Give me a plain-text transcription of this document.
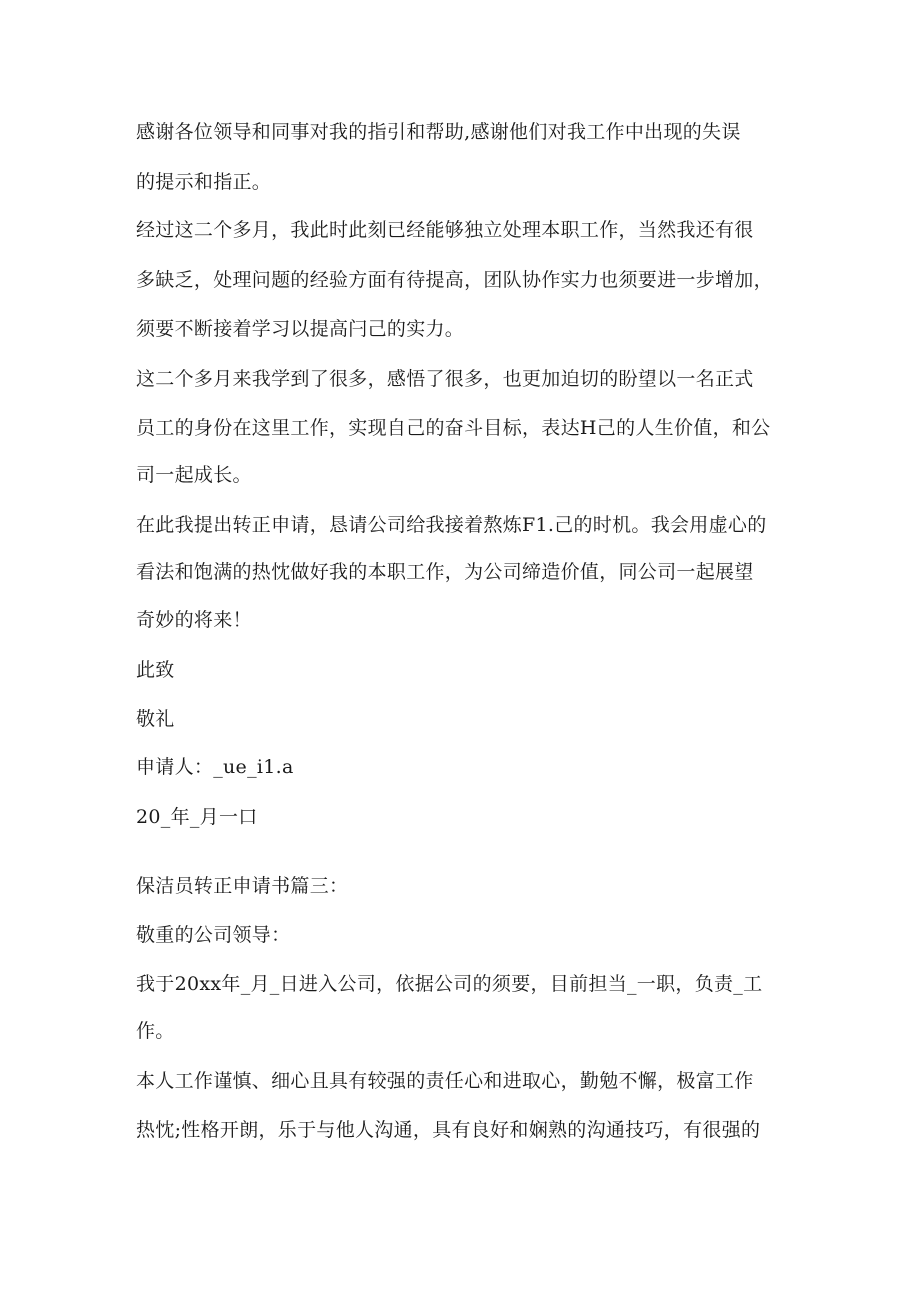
感谢各位领导和同事对我的指引和帮助,感谢他们对我工作中出现的失误
的提示和指正。
经过这二个多月，我此时此刻已经能够独立处理本职工作，当然我还有很
多缺乏，处理问题的经验方面有待提高，团队协作实力也须要进一步增加，
须要不断接着学习以提高闩己的实力。
这二个多月来我学到了很多，感悟了很多，也更加迫切的盼望以一名正式
员工的身份在这里工作，实现自己的奋斗目标，表达H己的人生价值，和公
司一起成长。
在此我提出转正申请，恳请公司给我接着熬炼F1.己的时机。我会用虚心的
看法和饱满的热忱做好我的本职工作，为公司缔造价值，同公司一起展望
奇妙的将来！
此致
敬礼
申请人：_ue_i1.a
20_年_月一口
保洁员转正申请书篇三：
敬重的公司领导：
我于20xx年_月_日进入公司，依据公司的须要，目前担当_一职，负责_工
作。
本人工作谨慎、细心且具有较强的责任心和进取心，勤勉不懈，极富工作
热忱;性格开朗，乐于与他人沟通，具有良好和娴熟的沟通技巧，有很强的
